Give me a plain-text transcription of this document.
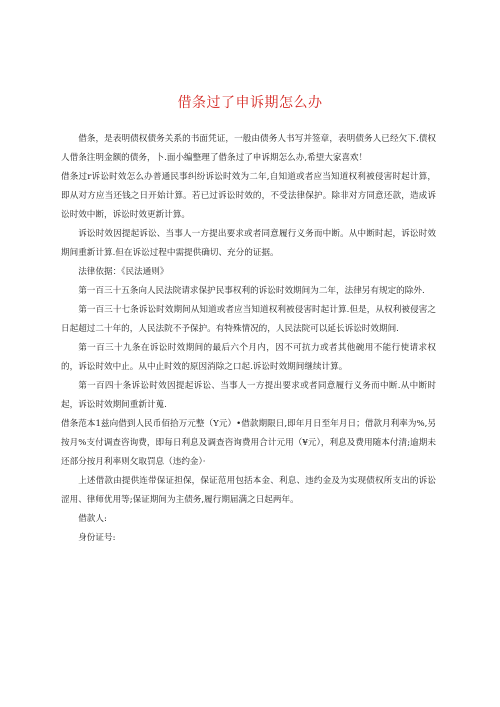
借条过了申诉期怎么办

借条，是表明债权债务关系的书面凭证，一般由债务人书写并签章，表明债务人已经欠下.债权人借条注明金额的债务，卜.面小编整理了借条过了申诉期怎么办,希望大家喜欢！

借条过r诉讼时效怎么办普通民事纠纷诉讼时效为二年,自知道或者应当知道权利被侵害时起计算，即从对方应当还钱之日开始计算。若已过诉讼时效的，不受法律保护。除非对方同意还款，造成诉讼时效中断，诉讼时效更新计算。

诉讼时效因提起诉讼、当事人一方提出要求或者同意履行义务而中断。从中断时起，诉讼时效期间重新计算.但在诉讼过程中需提供确切、充分的证据。

法律依据：《民法通则》

第一百三十五条向人民法院请求保护民事权利的诉讼时效期间为二年，法律另有规定的除外.

第一百三十七条诉讼时效期间从知道或者应当知道权利被侵害时起计算.但是，从权利被侵害之日起超过二十年的，人民法院不予保护。有特殊情况的，人民法院可以延长诉讼时效期间.

第一百三十九条在诉讼时效期间的最后六个月内，因不可抗力或者其他碗用不能行使请求权的，诉讼时效中止。从中止时效的原因消除之口起.诉讼时效期间继续计算。

第一百四十条诉讼时效因提起诉讼、当事人一方提出要求或者同意履行义务而中断.从中断时起，诉讼时效期间重新计蒐.

借条范本1兹向借到人民币佰拾万元整（Y元）•借款期限日,即年月日至年月日；借款月利率为%,另按月%支付调查咨询费，即每日利息及调查咨询费用合计元用（¥元），利息及费用随本付清;逾期未还部分按月利率则攵取罚息（违约金）·

上述借款由提供连带保证担保，保证范用包括本金、利息、违约金及为实现债权所支出的诉讼涩用、律师优用等;保证期间为主债务,履行期届满之日起两年。

借款人:

身份证号:
